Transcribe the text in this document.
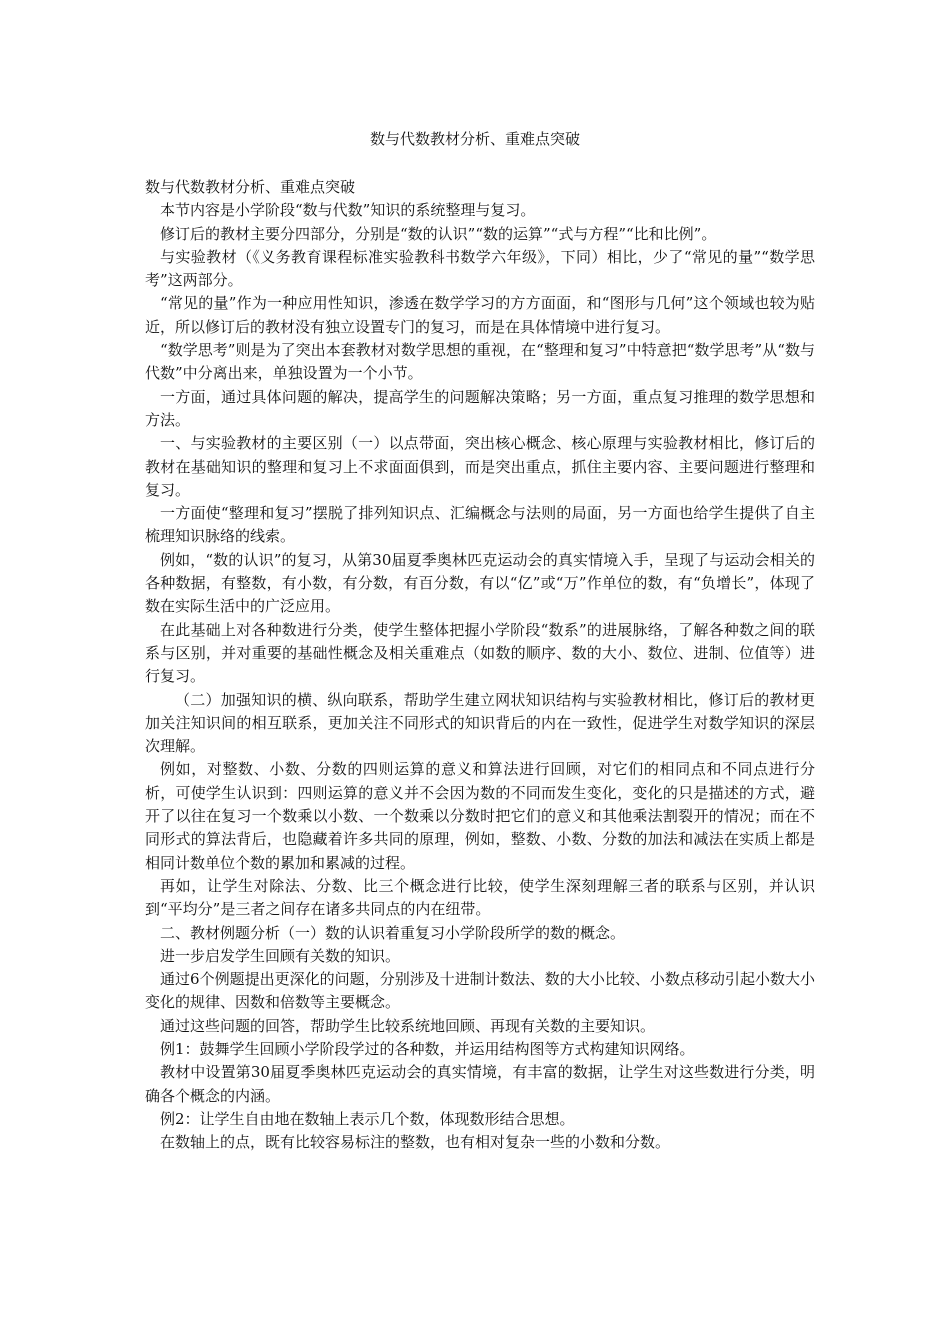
数与代数教材分析、重难点突破

数与代数教材分析、重难点突破

本节内容是小学阶段“数与代数”知识的系统整理与复习。

修订后的教材主要分四部分，分别是“数的认识”“数的运算”“式与方程”“比和比例”。

与实验教材（《义务教育课程标准实验教科书数学六年级》，下同）相比，少了“常见的量”“数学思考”这两部分。

“常见的量”作为一种应用性知识，渗透在数学学习的方方面面，和“图形与几何”这个领域也较为贴近，所以修订后的教材没有独立设置专门的复习，而是在具体情境中进行复习。

“数学思考”则是为了突出本套教材对数学思想的重视，在“整理和复习”中特意把“数学思考”从“数与代数”中分离出来，单独设置为一个小节。

一方面，通过具体问题的解决，提高学生的问题解决策略；另一方面，重点复习推理的数学思想和方法。

一、与实验教材的主要区别（一）以点带面，突出核心概念、核心原理与实验教材相比，修订后的教材在基础知识的整理和复习上不求面面俱到，而是突出重点，抓住主要内容、主要问题进行整理和复习。

一方面使“整理和复习”摆脱了排列知识点、汇编概念与法则的局面，另一方面也给学生提供了自主梳理知识脉络的线索。

例如，“数的认识”的复习，从第30届夏季奥林匹克运动会的真实情境入手，呈现了与运动会相关的各种数据，有整数，有小数，有分数，有百分数，有以“亿”或“万”作单位的数，有“负增长”，体现了数在实际生活中的广泛应用。

在此基础上对各种数进行分类，使学生整体把握小学阶段“数系”的进展脉络，了解各种数之间的联系与区别，并对重要的基础性概念及相关重难点（如数的顺序、数的大小、数位、进制、位值等）进行复习。

（二）加强知识的横、纵向联系，帮助学生建立网状知识结构与实验教材相比，修订后的教材更加关注知识间的相互联系，更加关注不同形式的知识背后的内在一致性，促进学生对数学知识的深层次理解。

例如，对整数、小数、分数的四则运算的意义和算法进行回顾，对它们的相同点和不同点进行分析，可使学生认识到：四则运算的意义并不会因为数的不同而发生变化，变化的只是描述的方式，避开了以往在复习一个数乘以小数、一个数乘以分数时把它们的意义和其他乘法割裂开的情况；而在不同形式的算法背后，也隐藏着许多共同的原理，例如，整数、小数、分数的加法和减法在实质上都是相同计数单位个数的累加和累减的过程。

再如，让学生对除法、分数、比三个概念进行比较，使学生深刻理解三者的联系与区别，并认识到“平均分”是三者之间存在诸多共同点的内在纽带。

二、教材例题分析（一）数的认识着重复习小学阶段所学的数的概念。

进一步启发学生回顾有关数的知识。

通过6个例题提出更深化的问题，分别涉及十进制计数法、数的大小比较、小数点移动引起小数大小变化的规律、因数和倍数等主要概念。

通过这些问题的回答，帮助学生比较系统地回顾、再现有关数的主要知识。

例1：鼓舞学生回顾小学阶段学过的各种数，并运用结构图等方式构建知识网络。

教材中设置第30届夏季奥林匹克运动会的真实情境，有丰富的数据，让学生对这些数进行分类，明确各个概念的内涵。

例2：让学生自由地在数轴上表示几个数，体现数形结合思想。

在数轴上的点，既有比较容易标注的整数，也有相对复杂一些的小数和分数。
